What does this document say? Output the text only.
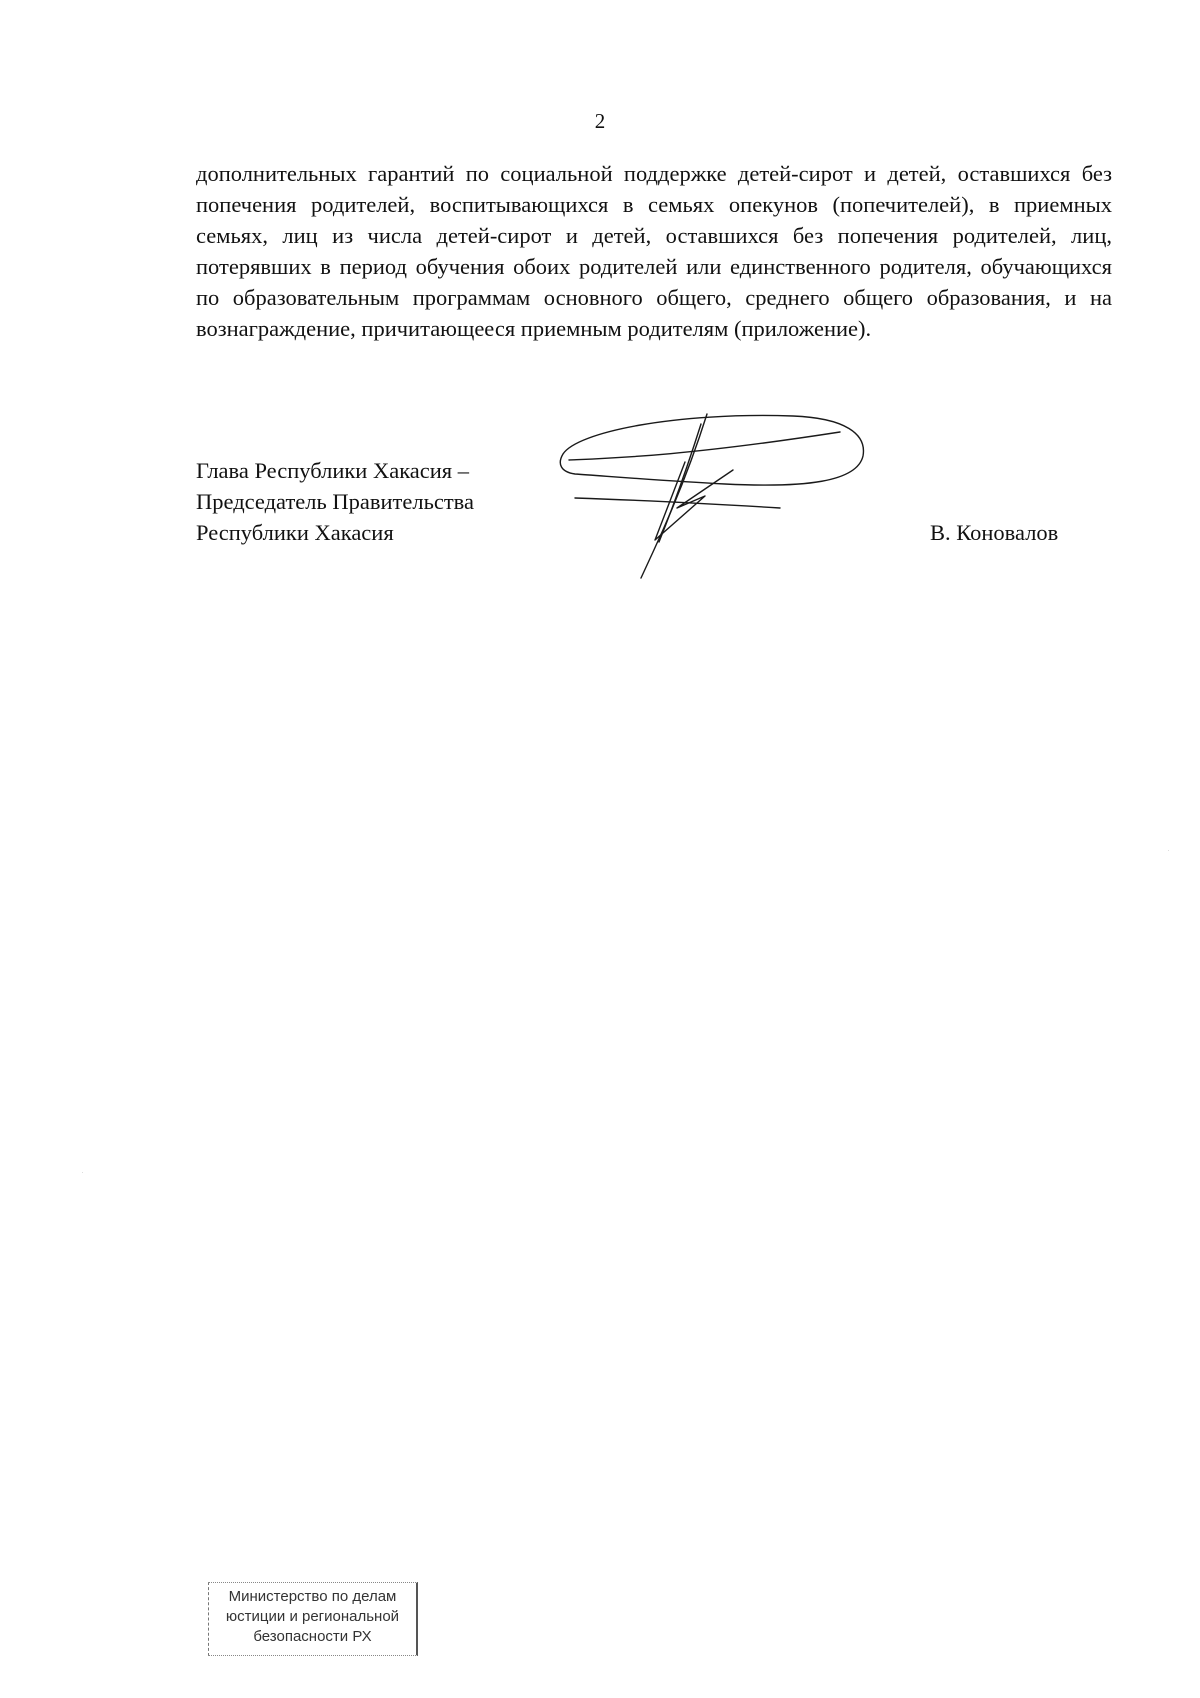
2

дополнительных гарантий по социальной поддержке детей-сирот и детей, оставшихся без попечения родителей, воспитывающихся в семьях опекунов (попечителей), в приемных семьях, лиц из числа детей-сирот и детей, оставшихся без попечения родителей, лиц, потерявших в период обучения обоих родителей или единственного родителя, обучающихся по образовательным программам основного общего, среднего общего образования, и на вознаграждение, причитающееся приемным родителям (приложение).

Глава Республики Хакасия –
Председатель Правительства
Республики Хакасия	В. Коновалов
Министерство по делам
юстиции и региональной
безопасности РХ
